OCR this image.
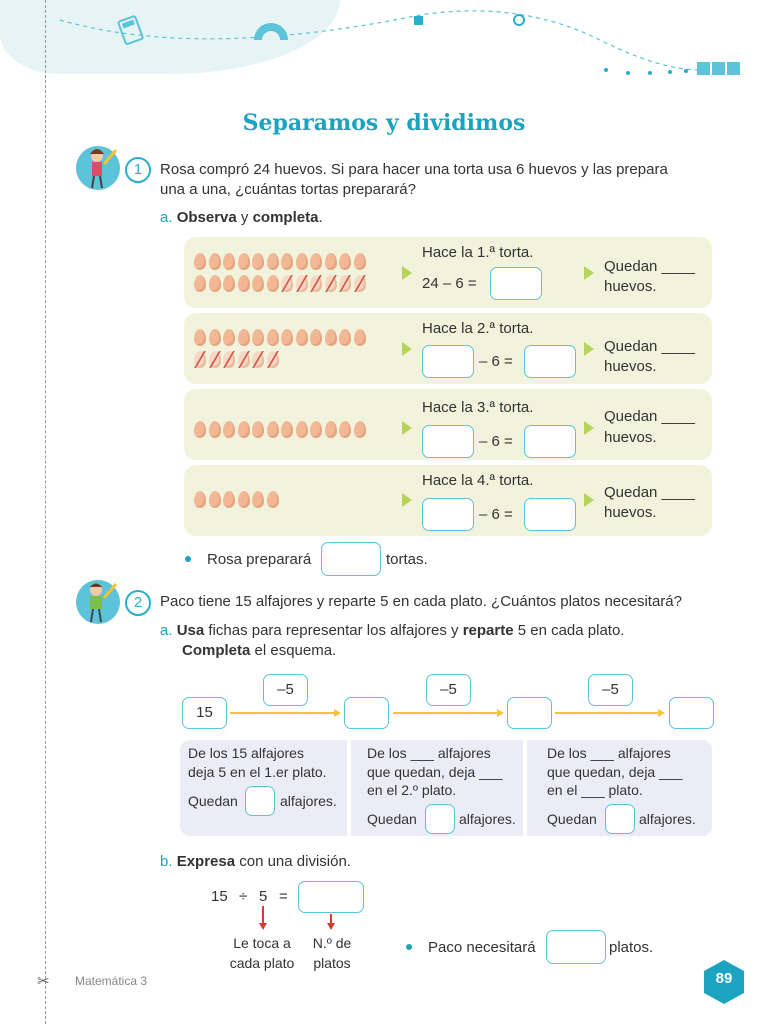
Separamos y dividimos
1	Rosa compró 24 huevos. Si para hacer una torta usa 6 huevos y las prepara
una a una, ¿cuántas tortas preparará?
a. Observa y completa.
Hace la 1.ª torta.
24 – 6 =
Quedan ____
huevos.
Hace la 2.ª torta.
– 6 =
Quedan ____
huevos.
Hace la 3.ª torta.
– 6 =
Quedan ____
huevos.
Hace la 4.ª torta.
– 6 =
Quedan ____
huevos.
Rosa preparará	tortas.
2	Paco tiene 15 alfajores y reparte 5 en cada plato. ¿Cuántos platos necesitará?
a. Usa fichas para representar los alfajores y reparte 5 en cada plato.
Completa el esquema.
15
–5	–5	–5
De los 15 alfajores
deja 5 en el 1.er plato.
Quedan	alfajores.
De los ___ alfajores
que quedan, deja ___
en el 2.º plato.
Quedan	alfajores.
De los ___ alfajores
que quedan, deja ___
en el ___ plato.
Quedan	alfajores.
b. Expresa con una división.
15 ÷ 5 =
Le toca a
cada plato
N.º de
platos
Paco necesitará	platos.
✂ Matemática 3	89
